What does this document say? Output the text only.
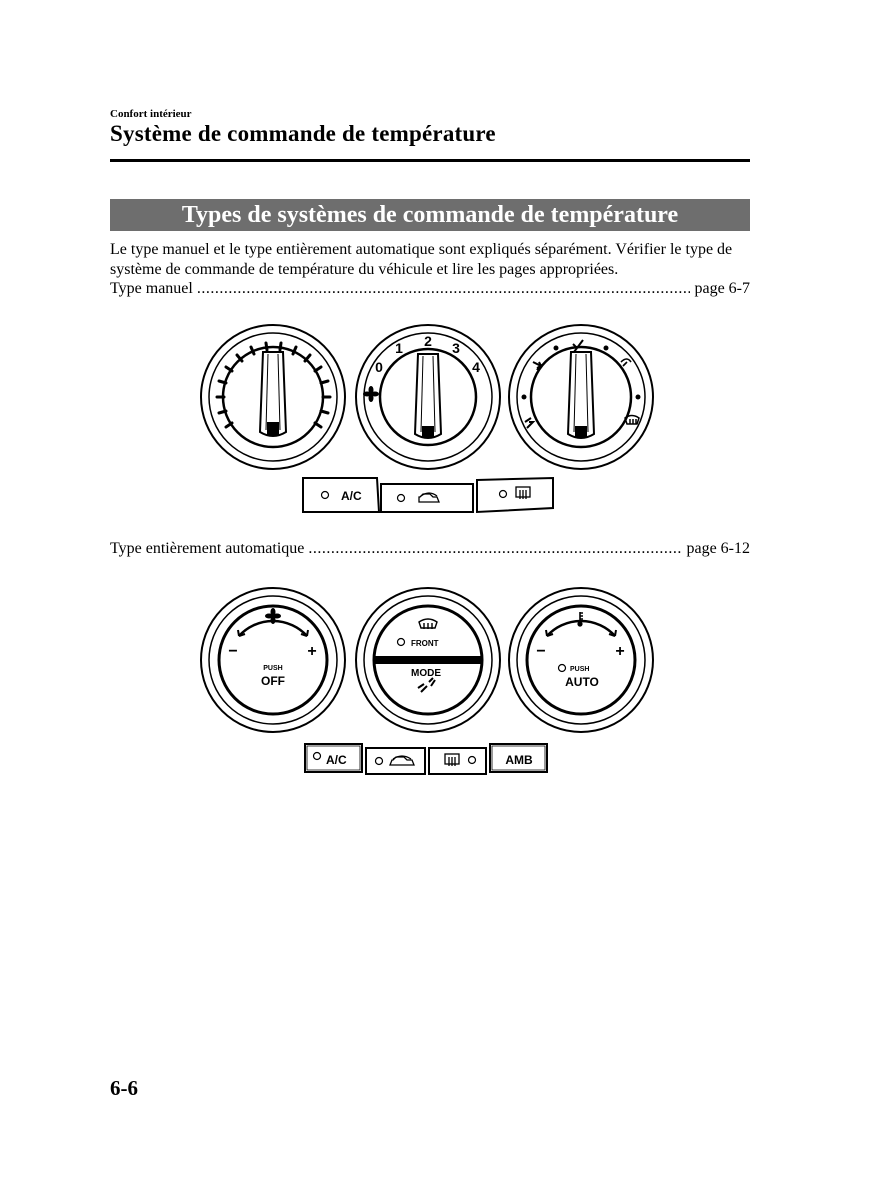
Confort intérieur
Système de commande de température
Types de systèmes de commande de température
Le type manuel et le type entièrement automatique sont expliqués séparément. Vérifier le type de système de commande de température du véhicule et lire les pages appropriées.
Type manuel .....	page 6-7
0
1 2 3
4
A/C
Type entièrement automatique .....	page 6-12
−	+
PUSH
OFF
FRONT
MODE
−	+
PUSH
AUTO
A/C	AMB
6-6
